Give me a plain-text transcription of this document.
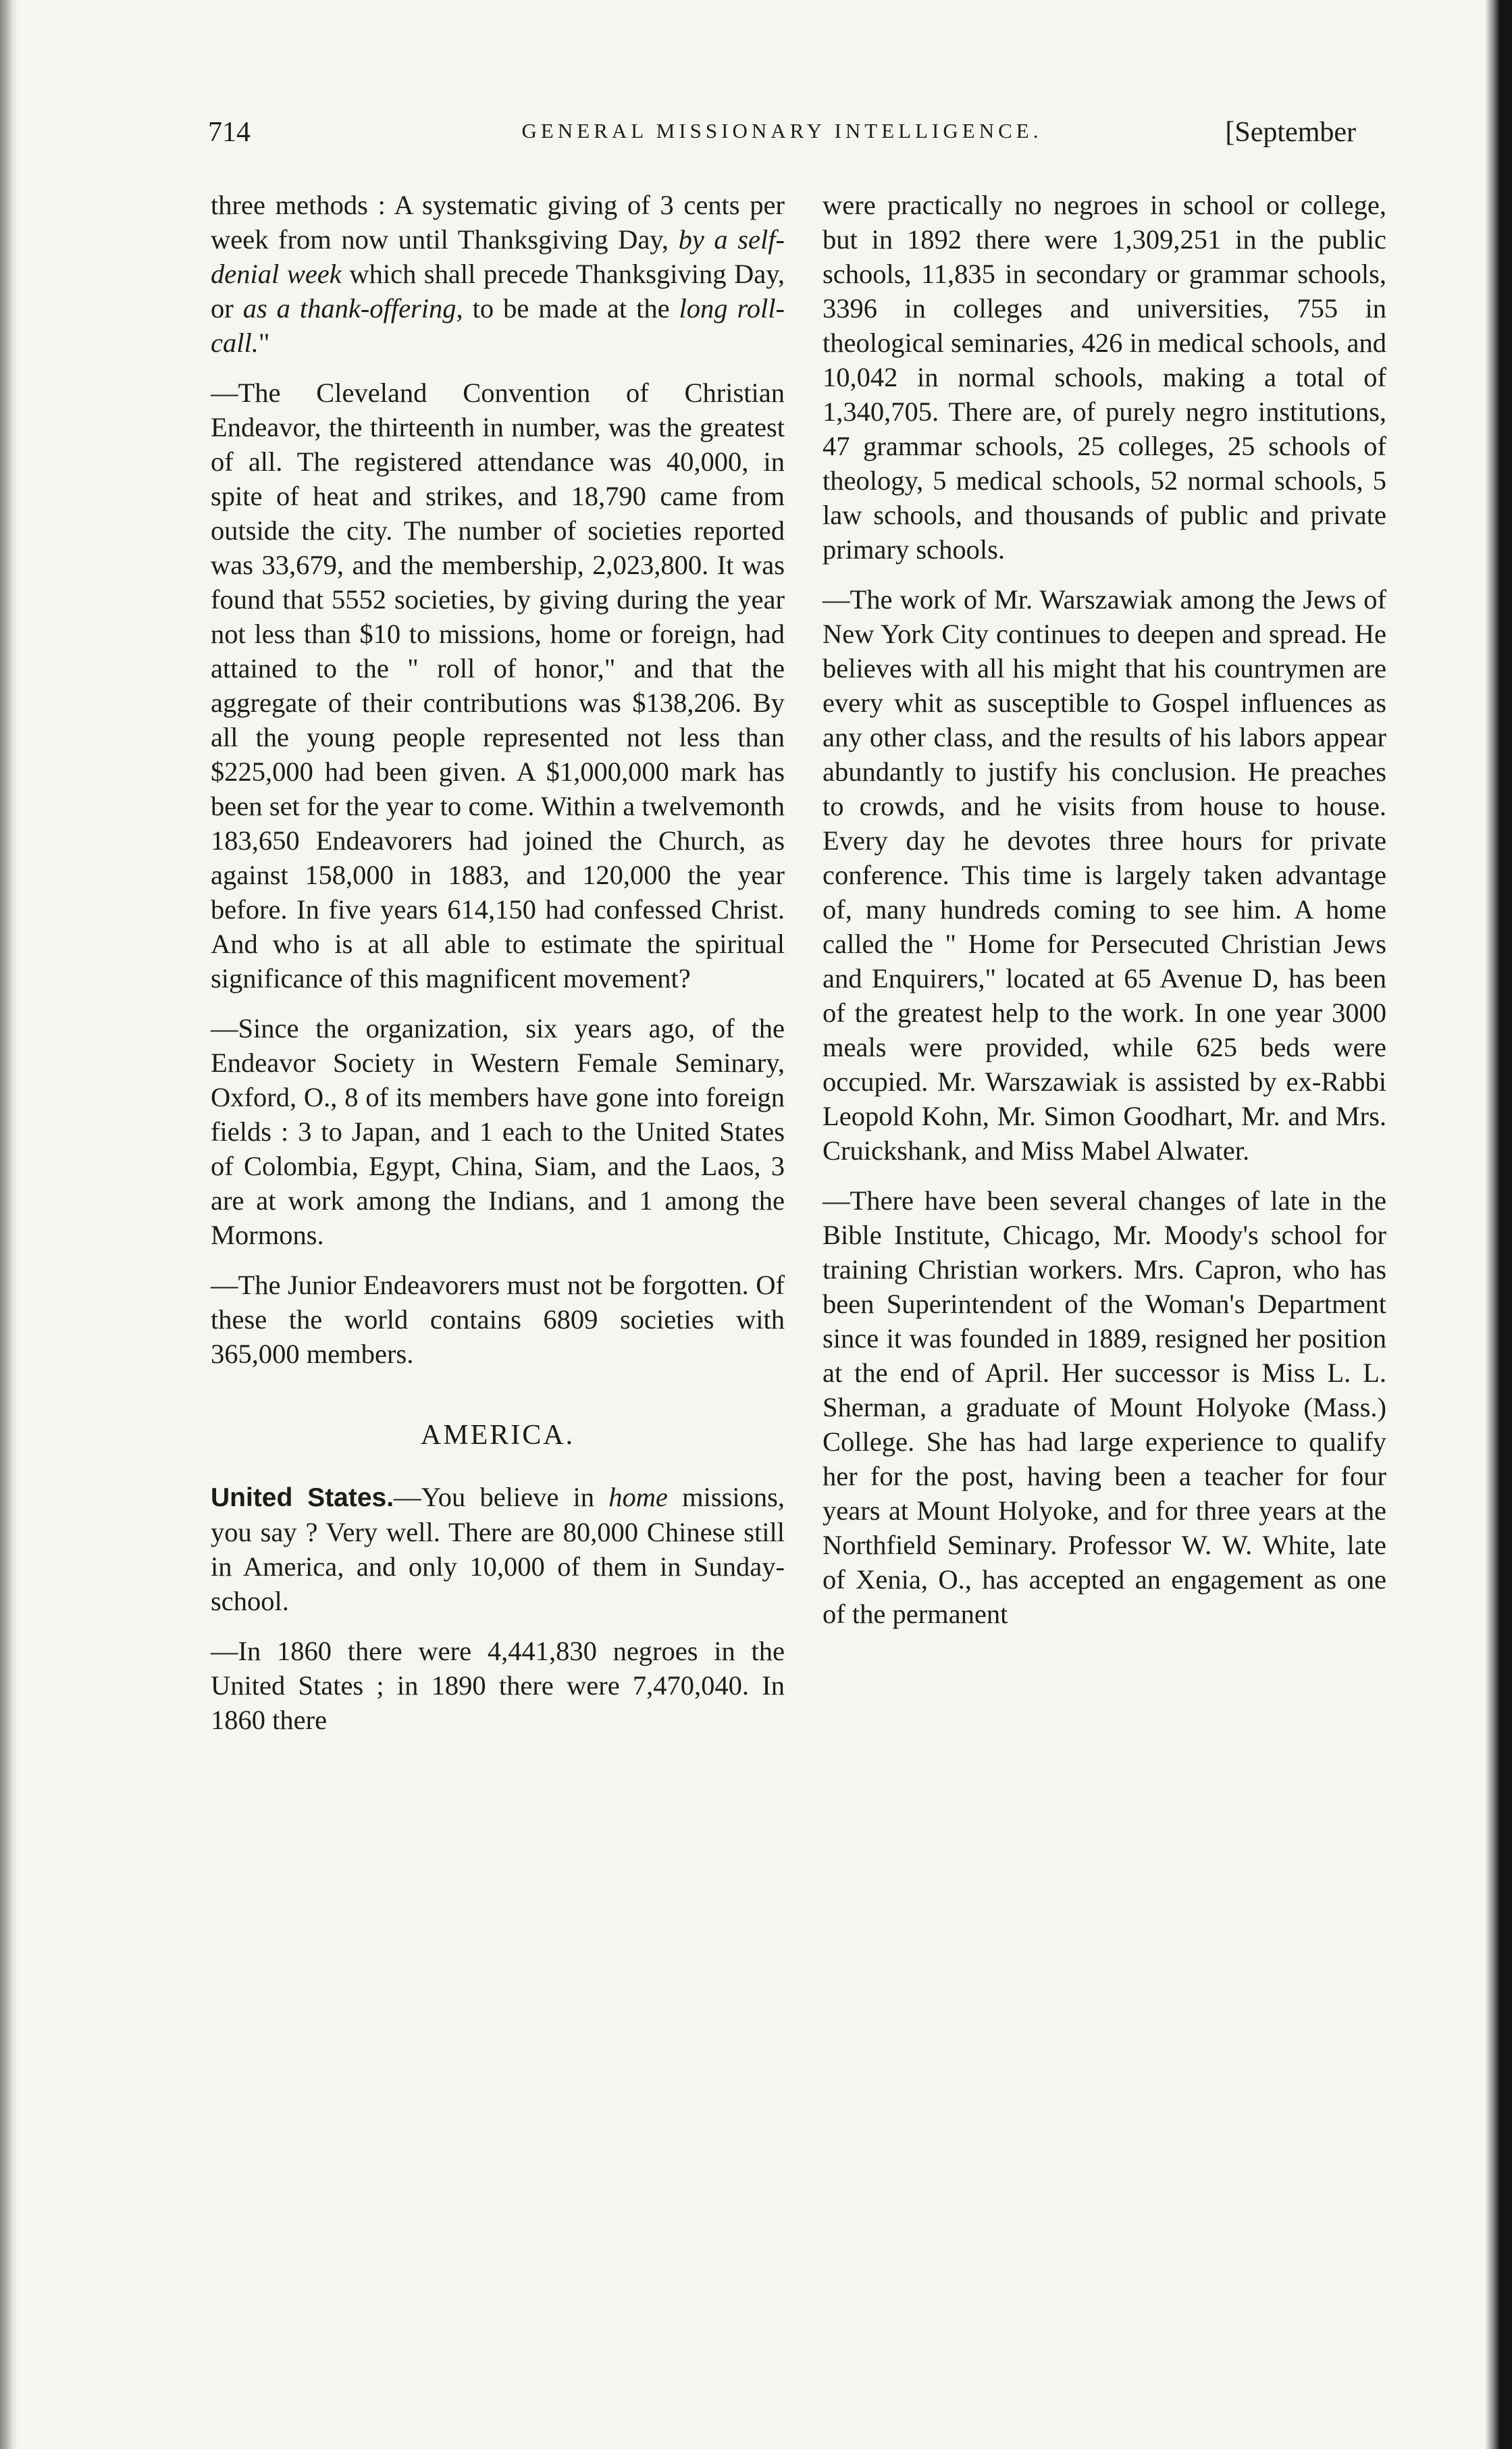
714	GENERAL MISSIONARY INTELLIGENCE.	[September

three methods : A systematic giving of 3 cents per week from now until Thanksgiving Day, by a self-denial week which shall precede Thanksgiving Day, or as a thank-offering, to be made at the long roll-call."

—The Cleveland Convention of Christian Endeavor, the thirteenth in number, was the greatest of all. The registered attendance was 40,000, in spite of heat and strikes, and 18,790 came from outside the city. The number of societies reported was 33,679, and the membership, 2,023,800. It was found that 5552 societies, by giving during the year not less than $10 to missions, home or foreign, had attained to the " roll of honor," and that the aggregate of their contributions was $138,206. By all the young people represented not less than $225,000 had been given. A $1,000,000 mark has been set for the year to come. Within a twelvemonth 183,650 Endeavorers had joined the Church, as against 158,000 in 1883, and 120,000 the year before. In five years 614,150 had confessed Christ. And who is at all able to estimate the spiritual significance of this magnificent movement?

—Since the organization, six years ago, of the Endeavor Society in Western Female Seminary, Oxford, O., 8 of its members have gone into foreign fields : 3 to Japan, and 1 each to the United States of Colombia, Egypt, China, Siam, and the Laos, 3 are at work among the Indians, and 1 among the Mormons.

—The Junior Endeavorers must not be forgotten. Of these the world contains 6809 societies with 365,000 members.

AMERICA.

United States.—You believe in home missions, you say ? Very well. There are 80,000 Chinese still in America, and only 10,000 of them in Sunday-school.

—In 1860 there were 4,441,830 negroes in the United States ; in 1890 there were 7,470,040. In 1860 there

were practically no negroes in school or college, but in 1892 there were 1,309,251 in the public schools, 11,835 in secondary or grammar schools, 3396 in colleges and universities, 755 in theological seminaries, 426 in medical schools, and 10,042 in normal schools, making a total of 1,340,705. There are, of purely negro institutions, 47 grammar schools, 25 colleges, 25 schools of theology, 5 medical schools, 52 normal schools, 5 law schools, and thousands of public and private primary schools.

—The work of Mr. Warszawiak among the Jews of New York City continues to deepen and spread. He believes with all his might that his countrymen are every whit as susceptible to Gospel influences as any other class, and the results of his labors appear abundantly to justify his conclusion. He preaches to crowds, and he visits from house to house. Every day he devotes three hours for private conference. This time is largely taken advantage of, many hundreds coming to see him. A home called the " Home for Persecuted Christian Jews and Enquirers," located at 65 Avenue D, has been of the greatest help to the work. In one year 3000 meals were provided, while 625 beds were occupied. Mr. Warszawiak is assisted by ex-Rabbi Leopold Kohn, Mr. Simon Goodhart, Mr. and Mrs. Cruickshank, and Miss Mabel Alwater.

—There have been several changes of late in the Bible Institute, Chicago, Mr. Moody's school for training Christian workers. Mrs. Capron, who has been Superintendent of the Woman's Department since it was founded in 1889, resigned her position at the end of April. Her successor is Miss L. L. Sherman, a graduate of Mount Holyoke (Mass.) College. She has had large experience to qualify her for the post, having been a teacher for four years at Mount Holyoke, and for three years at the Northfield Seminary. Professor W. W. White, late of Xenia, O., has accepted an engagement as one of the permanent
